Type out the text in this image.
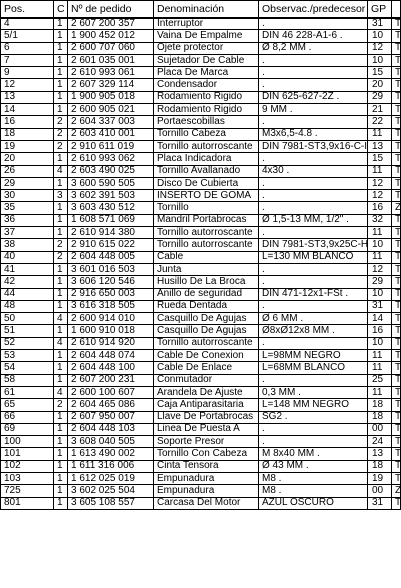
Pos.	C	Nº de pedido	Denominación	Observac./predecesor	GP	
4	1	2 607 200 357	Interruptor	.	31	T
5/1	1	1 900 452 012	Vaina De Empalme	DIN 46 228-A1-6 .	10	T
6	1	2 600 707 060	Ojete protector	Ø 8,2 MM .	12	T
7	1	2 601 035 001	Sujetador De Cable	.	10	T
9	1	2 610 993 061	Placa De Marca	.	15	T
12	1	2 607 329 114	Condensador	.	20	T
13	1	1 900 905 018	Rodamiento Rigido	DIN 625-627-2Z .	29	T
14	1	2 600 905 021	Rodamiento Rigido	9 MM .	21	T
16	2	2 604 337 003	Portaescobillas	.	22	T
18	2	2 603 410 001	Tornillo Cabeza	M3x6,5-4.8 .	11	T
19	2	2 910 611 019	Tornillo autorroscante	DIN 7981-ST3,9x16-C-I	13	T
20	1	2 610 993 062	Placa Indicadora	.	15	T
26	4	2 603 490 025	Tornillo Avallanado	4x30 .	11	T
29	1	3 600 590 505	Disco De Cubierta	.	12	T
30	3	3 602 391 503	INSERTO DE GOMA	.	12	T
35	1	3 603 430 512	Tornillo	.	16	Z
36	1	1 608 571 069	Mandril Portabrocas	Ø 1,5-13 MM, 1/2" .	32	T
37	1	2 610 914 380	Tornillo autorroscante	.	11	T
38	2	2 910 615 022	Tornillo autorroscante	DIN 7981-ST3,9x25C-H	10	T
40	2	2 604 448 005	Cable	L=130 MM BLANCO	11	T
41	1	3 601 016 503	Junta	.	12	T
42	1	3 606 120 546	Husillo De La Broca	.	29	T
44	1	2 916 650 003	Anillo de seguridad	DIN 471-12x1-FSt .	10	T
48	1	3 616 318 505	Rueda Dentada	.	31	T
50	4	2 600 914 010	Casquillo De Agujas	Ø 6 MM .	14	T
51	1	1 600 910 018	Casquillo De Agujas	Ø8xØ12x8 MM .	16	T
52	4	2 610 914 920	Tornillo autorroscante	.	10	T
53	1	2 604 448 074	Cable De Conexion	L=98MM NEGRO	11	T
54	1	2 604 448 100	Cable De Enlace	L=68MM BLANCO	11	T
58	1	2 607 200 231	Conmutador	.	25	T
61	4	2 600 100 607	Arandela De Ajuste	0,3 MM .	11	T
65	2	2 604 465 086	Caja Antiparasitaria	L=148 MM NEGRO	18	T
66	1	2 607 950 007	Llave De Portabrocas	SG2 .	18	T
69	1	2 604 448 103	Linea De Puesta A	.	00	T
100	1	3 608 040 505	Soporte Presor	.	24	T
101	1	1 613 490 002	Tornillo Con Cabeza	M 8x40 MM .	13	T
102	1	1 611 316 006	Cinta Tensora	Ø 43 MM .	18	T
103	1	1 612 025 019	Empunadura	M8 .	19	T
725	1	3 602 025 504	Empunadura	M8 .	00	Z
801	1	3 605 108 557	Carcasa Del Motor	AZUL OSCURO	31	T
